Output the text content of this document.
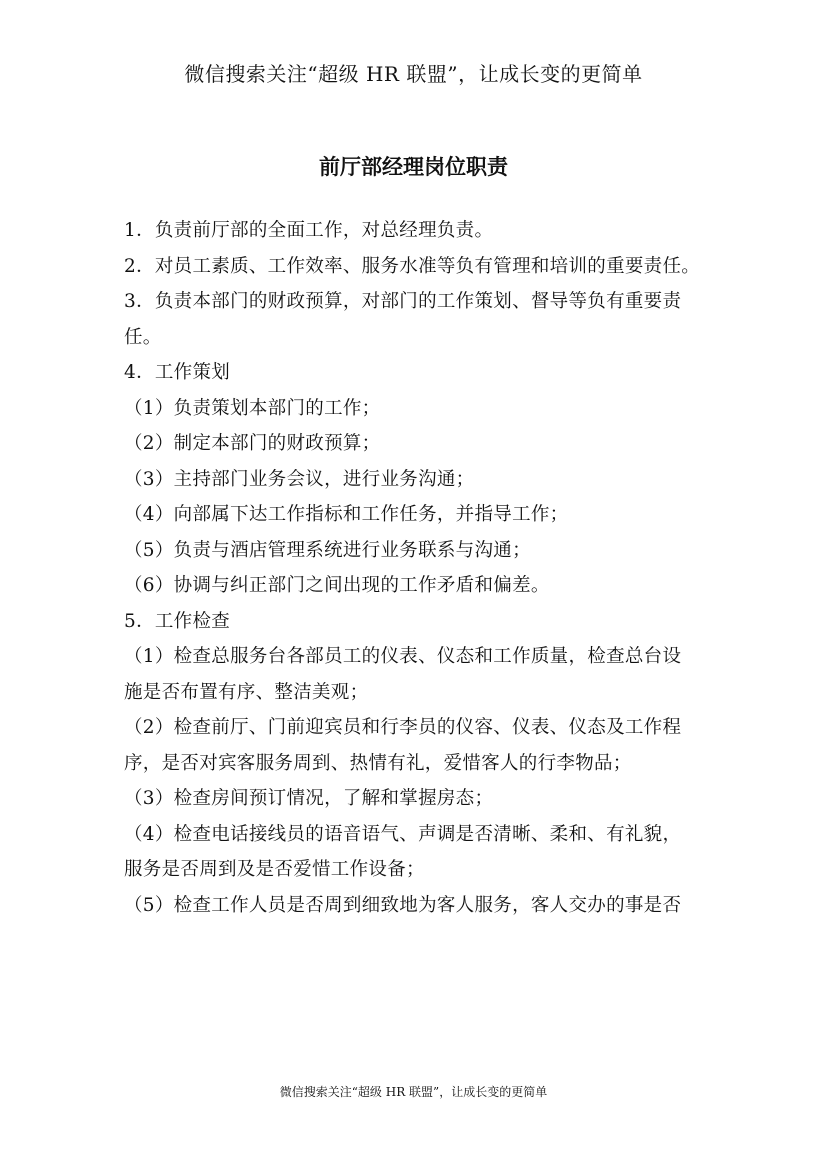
微信搜索关注“超级 HR 联盟”，让成长变的更简单
前厅部经理岗位职责
1．负责前厅部的全面工作，对总经理负责。
2．对员工素质、工作效率、服务水准等负有管理和培训的重要责任。
3．负责本部门的财政预算，对部门的工作策划、督导等负有重要责
任。
4．工作策划
（1）负责策划本部门的工作；
（2）制定本部门的财政预算；
（3）主持部门业务会议，进行业务沟通；
（4）向部属下达工作指标和工作任务，并指导工作；
（5）负责与酒店管理系统进行业务联系与沟通；
（6）协调与纠正部门之间出现的工作矛盾和偏差。
5．工作检查
（1）检查总服务台各部员工的仪表、仪态和工作质量，检查总台设
施是否布置有序、整洁美观；
（2）检查前厅、门前迎宾员和行李员的仪容、仪表、仪态及工作程
序，是否对宾客服务周到、热情有礼，爱惜客人的行李物品；
（3）检查房间预订情况，了解和掌握房态；
（4）检查电话接线员的语音语气、声调是否清晰、柔和、有礼貌，
服务是否周到及是否爱惜工作设备；
（5）检查工作人员是否周到细致地为客人服务，客人交办的事是否
微信搜索关注“超级 HR 联盟”，让成长变的更简单
